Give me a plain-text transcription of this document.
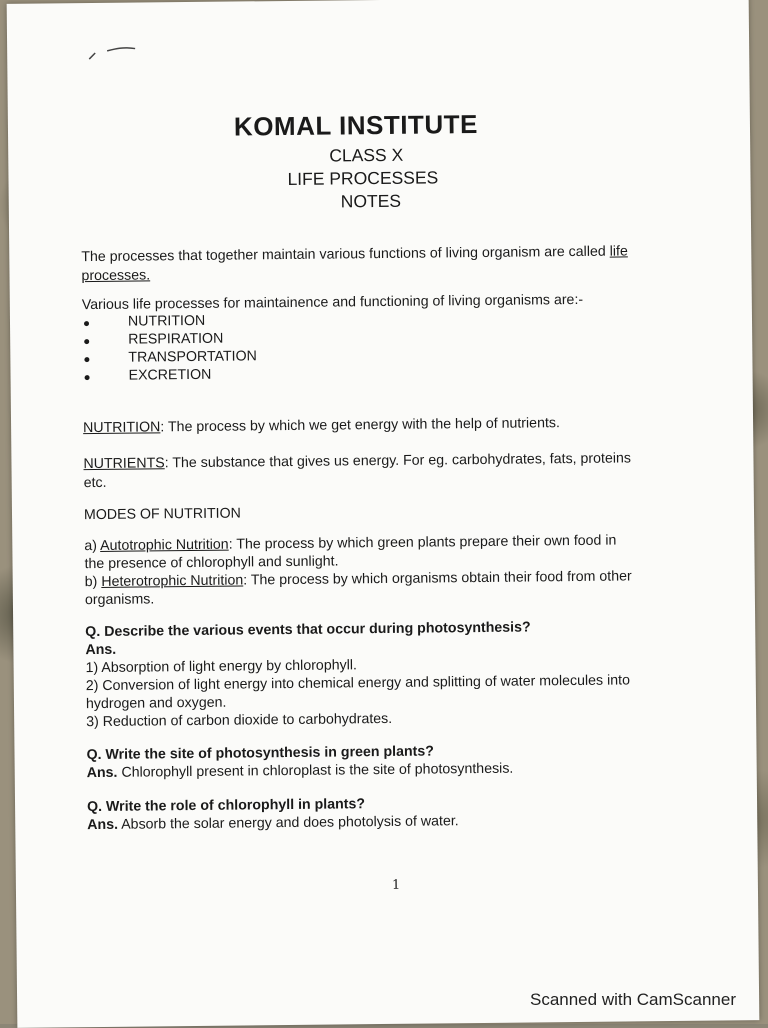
​
KOMAL INSTITUTE
CLASS X
LIFE PROCESSES
NOTES
The processes that together maintain various functions of living organism are called life
processes.
Various life processes for maintainence and functioning of living organisms are:-
NUTRITION
RESPIRATION
TRANSPORTATION
EXCRETION
NUTRITION: The process by which we get energy with the help of nutrients.
NUTRIENTS: The substance that gives us energy. For eg. carbohydrates, fats, proteins
etc.
MODES OF NUTRITION
a) Autotrophic Nutrition: The process by which green plants prepare their own food in
the presence of chlorophyll and sunlight.
b) Heterotrophic Nutrition: The process by which organisms obtain their food from other
organisms.
Q. Describe the various events that occur during photosynthesis?
Ans.
1) Absorption of light energy by chlorophyll.
2) Conversion of light energy into chemical energy and splitting of water molecules into
hydrogen and oxygen.
3) Reduction of carbon dioxide to carbohydrates.
Q. Write the site of photosynthesis in green plants?
Ans. Chlorophyll present in chloroplast is the site of photosynthesis.
Q. Write the role of chlorophyll in plants?
Ans. Absorb the solar energy and does photolysis of water.
1
Scanned with CamScanner
